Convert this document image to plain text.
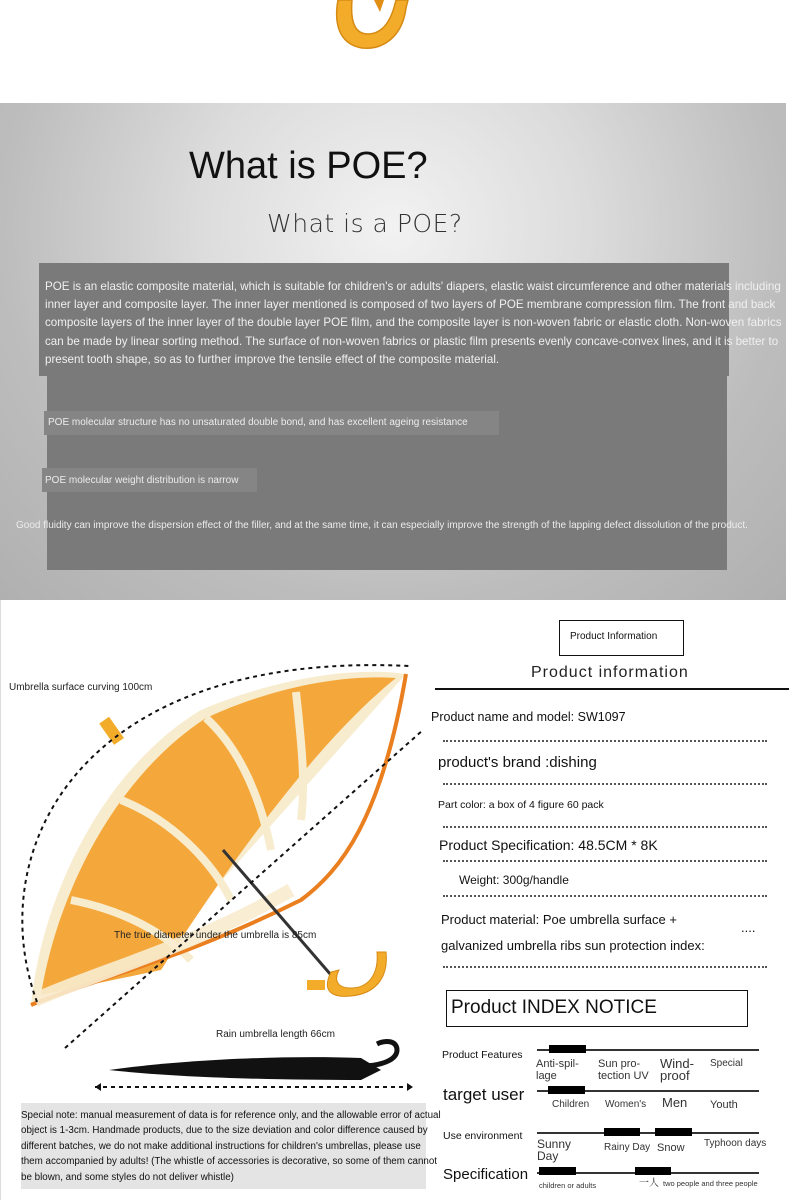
What is POE?
What is a POE?
POE is an elastic composite material, which is suitable for children's or adults' diapers, elastic waist circumference and other materials including inner layer and composite layer. The inner layer mentioned is composed of two layers of POE membrane compression film. The front and back composite layers of the inner layer of the double layer POE film, and the composite layer is non-woven fabric or elastic cloth. Non-woven fabrics can be made by linear sorting method. The surface of non-woven fabrics or plastic film presents evenly concave-convex lines, and it is better to present tooth shape, so as to further improve the tensile effect of the composite material.
POE molecular structure has no unsaturated double bond, and has excellent ageing resistance
POE molecular weight distribution is narrow
Good fluidity can improve the dispersion effect of the filler, and at the same time, it can especially improve the strength of the lapping defect dissolution of the product.
Umbrella surface curving 100cm
The true diameter under the umbrella is 85cm
Rain umbrella length 66cm
Special note: manual measurement of data is for reference only, and the allowable error of actual object is 1-3cm. Handmade products, due to the size deviation and color difference caused by different batches, we do not make additional instructions for children's umbrellas, please use them accompanied by adults! (The whistle of accessories is decorative, so some of them cannot be blown, and some styles do not deliver whistle)
Product Information
Product information
Product name and model: SW1097
product's brand :dishing
Part color: a box of 4 figure 60 pack
Product Specification: 48.5CM * 8K
Weight: 300g/handle
Product material: Poe umbrella surface +
galvanized umbrella ribs sun protection index:
....
Product INDEX NOTICE
Product Features
Anti-spil-
lage
Sun pro-
tection UV
Wind-
proof
Special
target user
Children Women's Men Youth
Use environment
Sunny
Day
Rainy Day Snow Typhoon days
Specification
children or adults	一人 two people and three people
